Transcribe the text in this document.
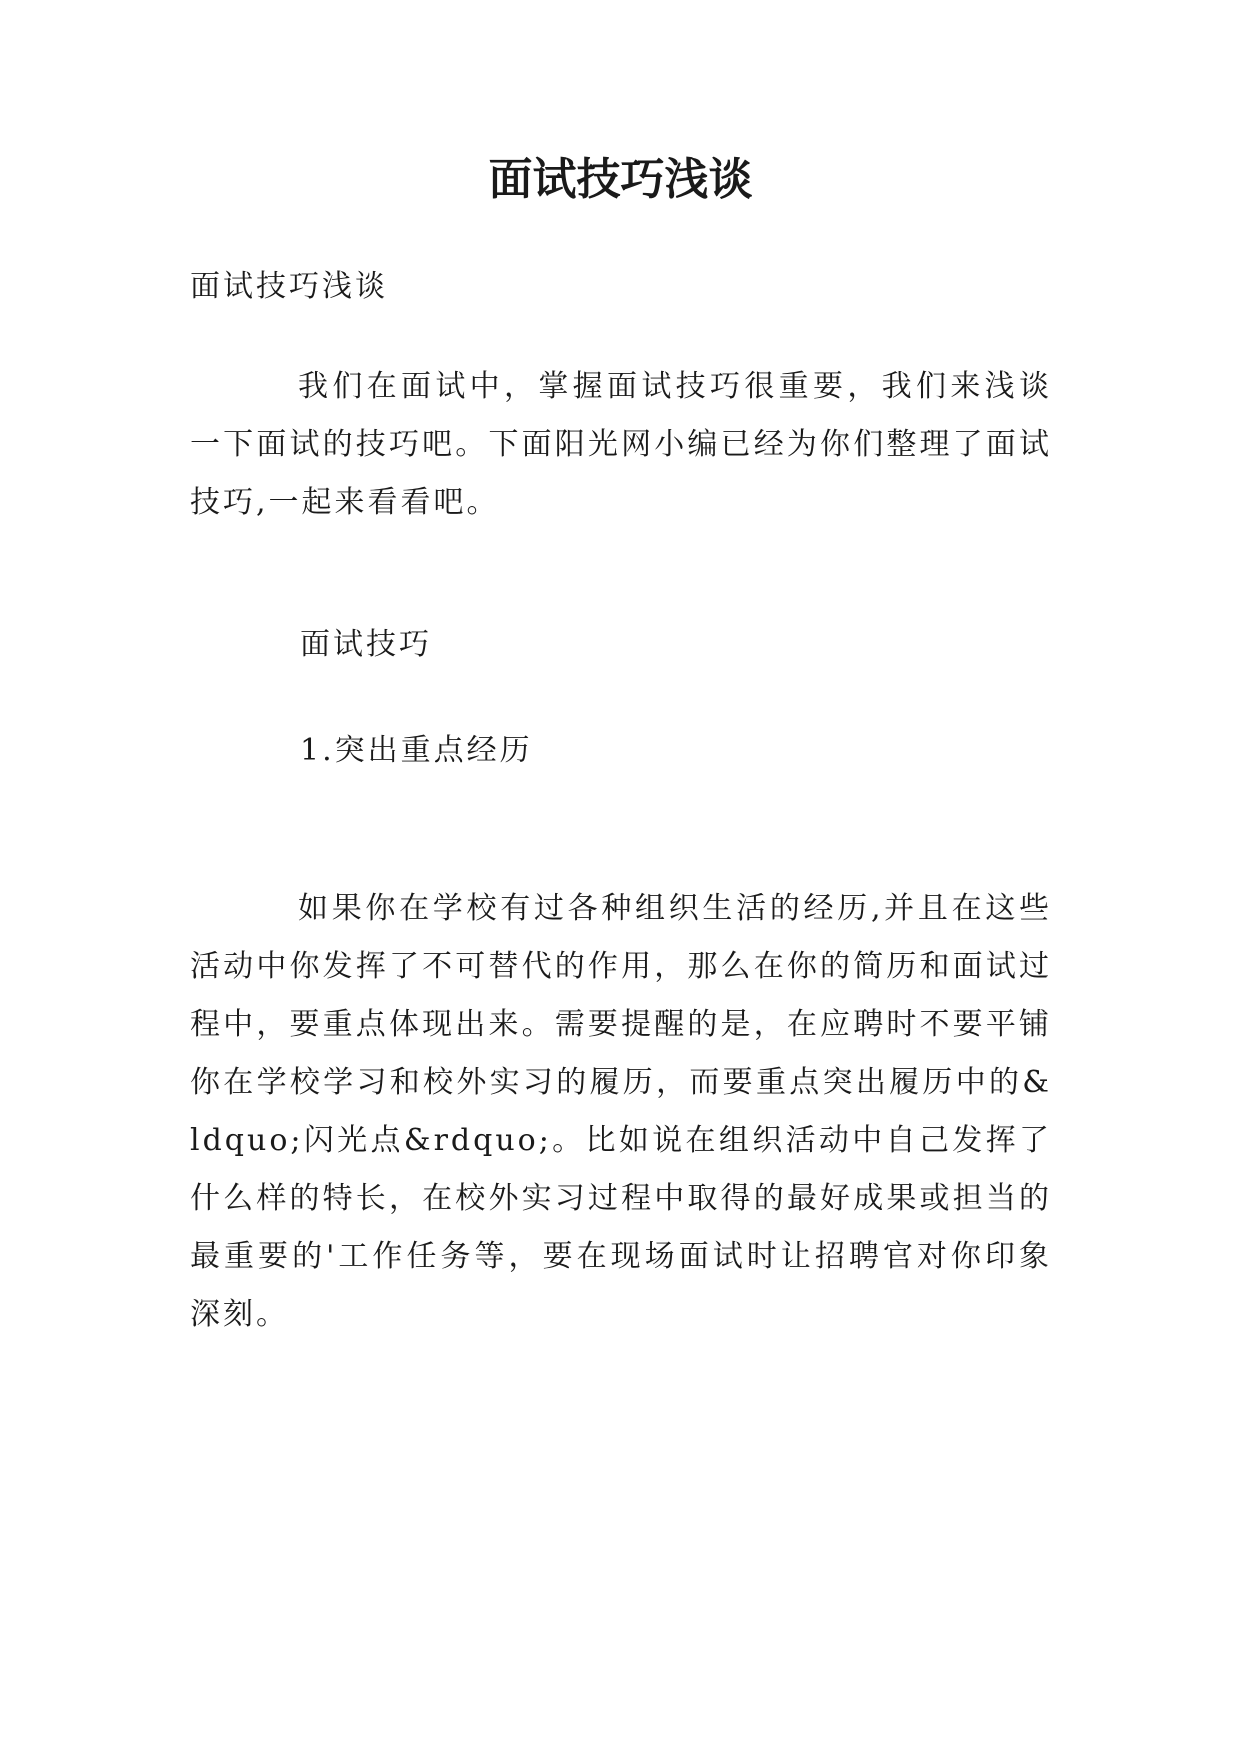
面试技巧浅谈

面试技巧浅谈

我们在面试中，掌握面试技巧很重要，我们来浅谈一下面试的技巧吧。下面阳光网小编已经为你们整理了面试技巧,一起来看看吧。

面试技巧

1.突出重点经历

如果你在学校有过各种组织生活的经历,并且在这些活动中你发挥了不可替代的作用，那么在你的简历和面试过程中，要重点体现出来。需要提醒的是，在应聘时不要平铺你在学校学习和校外实习的履历，而要重点突出履历中的&ldquo;闪光点&rdquo;。比如说在组织活动中自己发挥了什么样的特长，在校外实习过程中取得的最好成果或担当的最重要的'工作任务等，要在现场面试时让招聘官对你印象深刻。
